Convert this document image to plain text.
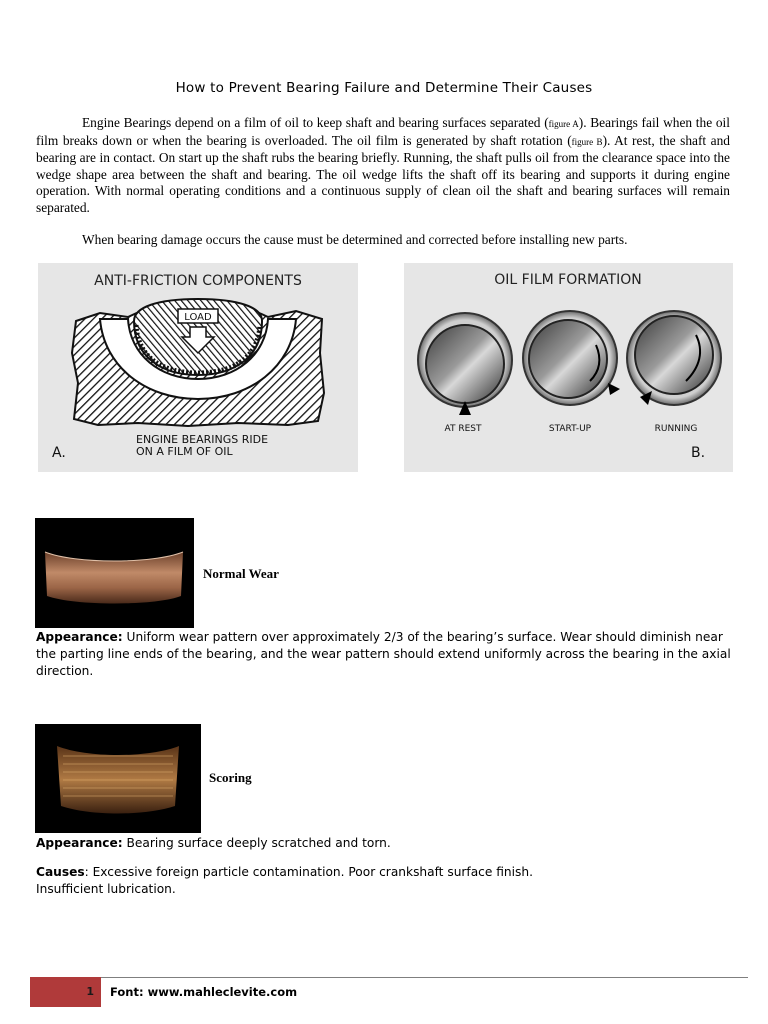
How to Prevent Bearing Failure and Determine Their Causes
Engine Bearings depend on a film of oil to keep shaft and bearing surfaces separated (figure A). Bearings fail when the oil film breaks down or when the bearing is overloaded. The oil film is generated by shaft rotation (figure B). At rest, the shaft and bearing are in contact. On start up the shaft rubs the bearing briefly. Running, the shaft pulls oil from the clearance space into the wedge shape area between the shaft and bearing. The oil wedge lifts the shaft off its bearing and supports it during engine operation. With normal operating conditions and a continuous supply of clean oil the shaft and bearing surfaces will remain separated.
When bearing damage occurs the cause must be determined and corrected before installing new parts.
ANTI-FRICTION COMPONENTS
LOAD
ENGINE BEARINGS RIDE
ON A FILM OF OIL
A.
OIL FILM FORMATION
AT REST	START-UP	RUNNING
B.
Normal Wear
Appearance: Uniform wear pattern over approximately 2/3 of the bearing’s surface. Wear should diminish near the parting line ends of the bearing, and the wear pattern should extend uniformly across the bearing in the axial direction.
Scoring
Appearance: Bearing surface deeply scratched and torn.
Causes: Excessive foreign particle contamination. Poor crankshaft surface finish.
Insufficient lubrication.
1 Font: www.mahleclevite.com
